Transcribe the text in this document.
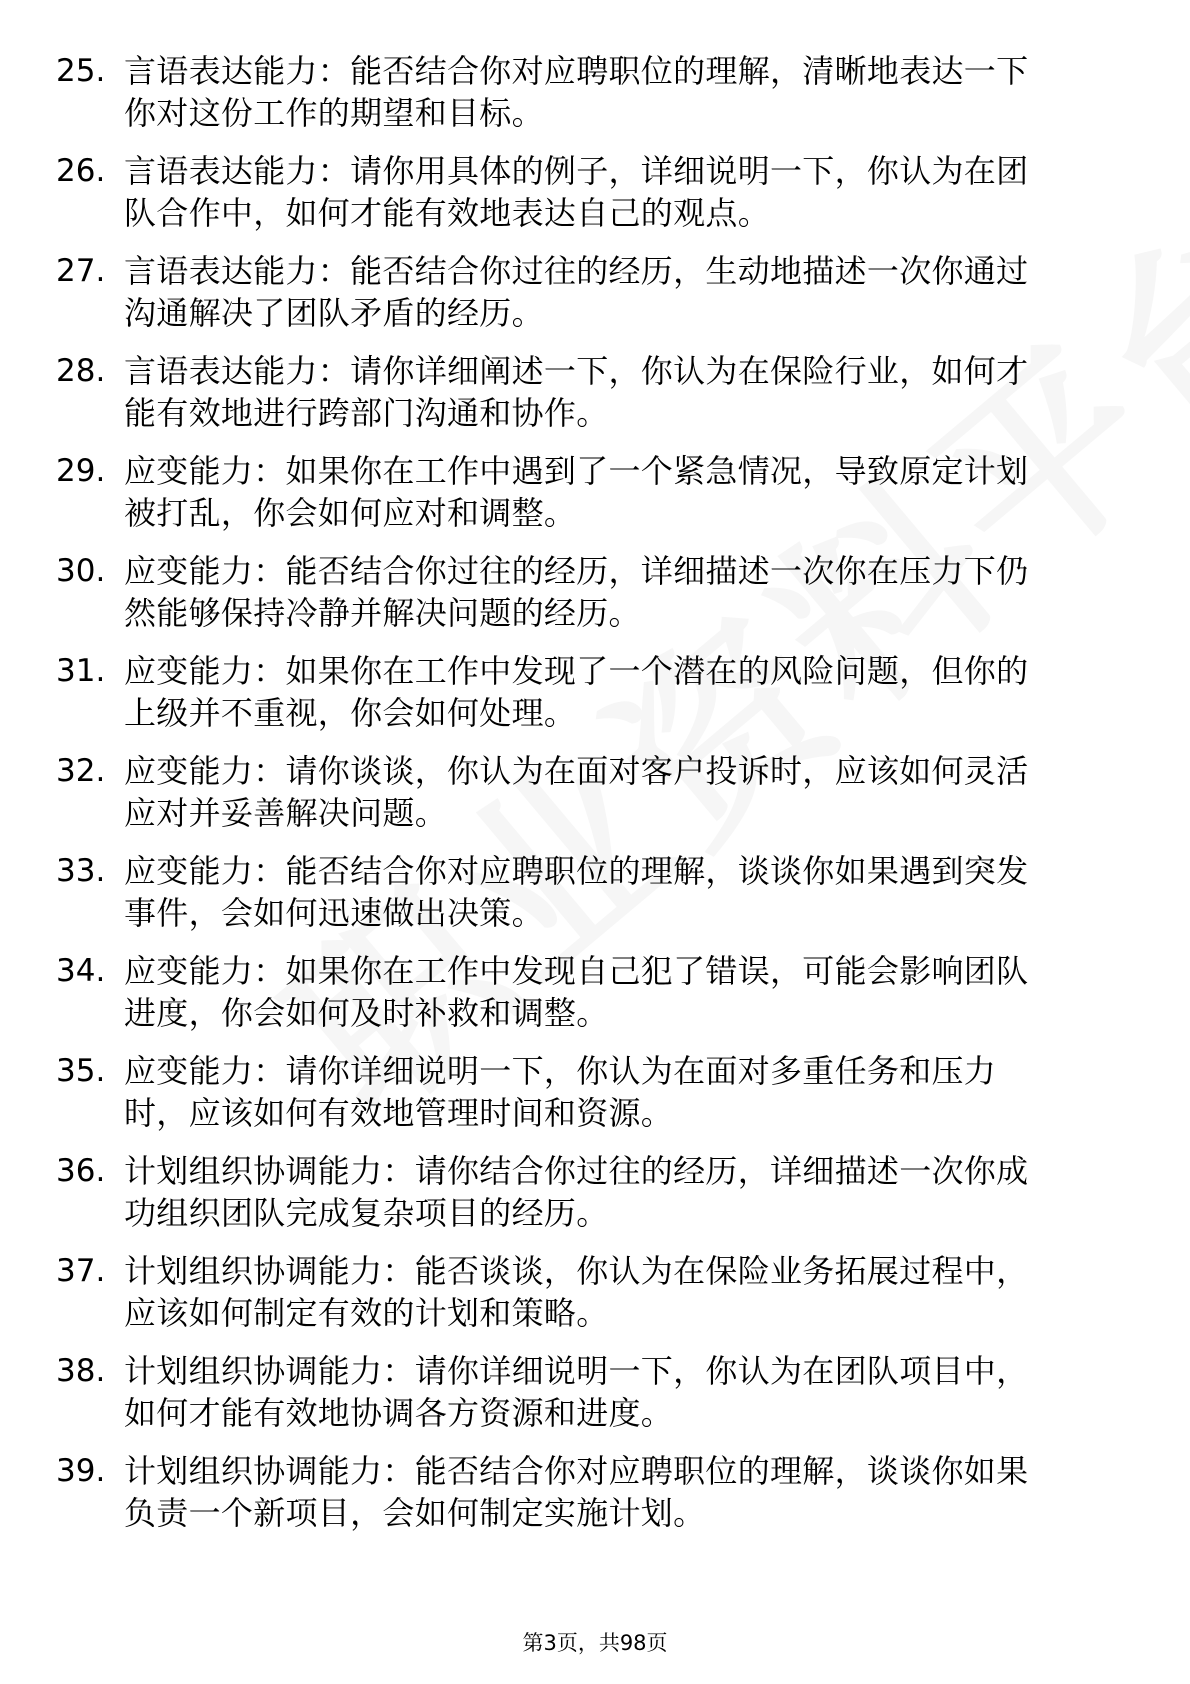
25. 言语表达能力：能否结合你对应聘职位的理解，清晰地表达一下你对这份工作的期望和目标。
26. 言语表达能力：请你用具体的例子，详细说明一下，你认为在团队合作中，如何才能有效地表达自己的观点。
27. 言语表达能力：能否结合你过往的经历，生动地描述一次你通过沟通解决了团队矛盾的经历。
28. 言语表达能力：请你详细阐述一下，你认为在保险行业，如何才能有效地进行跨部门沟通和协作。
29. 应变能力：如果你在工作中遇到了一个紧急情况，导致原定计划被打乱，你会如何应对和调整。
30. 应变能力：能否结合你过往的经历，详细描述一次你在压力下仍然能够保持冷静并解决问题的经历。
31. 应变能力：如果你在工作中发现了一个潜在的风险问题，但你的上级并不重视，你会如何处理。
32. 应变能力：请你谈谈，你认为在面对客户投诉时，应该如何灵活应对并妥善解决问题。
33. 应变能力：能否结合你对应聘职位的理解，谈谈你如果遇到突发事件，会如何迅速做出决策。
34. 应变能力：如果你在工作中发现自己犯了错误，可能会影响团队进度，你会如何及时补救和调整。
35. 应变能力：请你详细说明一下，你认为在面对多重任务和压力时，应该如何有效地管理时间和资源。
36. 计划组织协调能力：请你结合你过往的经历，详细描述一次你成功组织团队完成复杂项目的经历。
37. 计划组织协调能力：能否谈谈，你认为在保险业务拓展过程中，应该如何制定有效的计划和策略。
38. 计划组织协调能力：请你详细说明一下，你认为在团队项目中，如何才能有效地协调各方资源和进度。
39. 计划组织协调能力：能否结合你对应聘职位的理解，谈谈你如果负责一个新项目，会如何制定实施计划。
第3页，共98页
